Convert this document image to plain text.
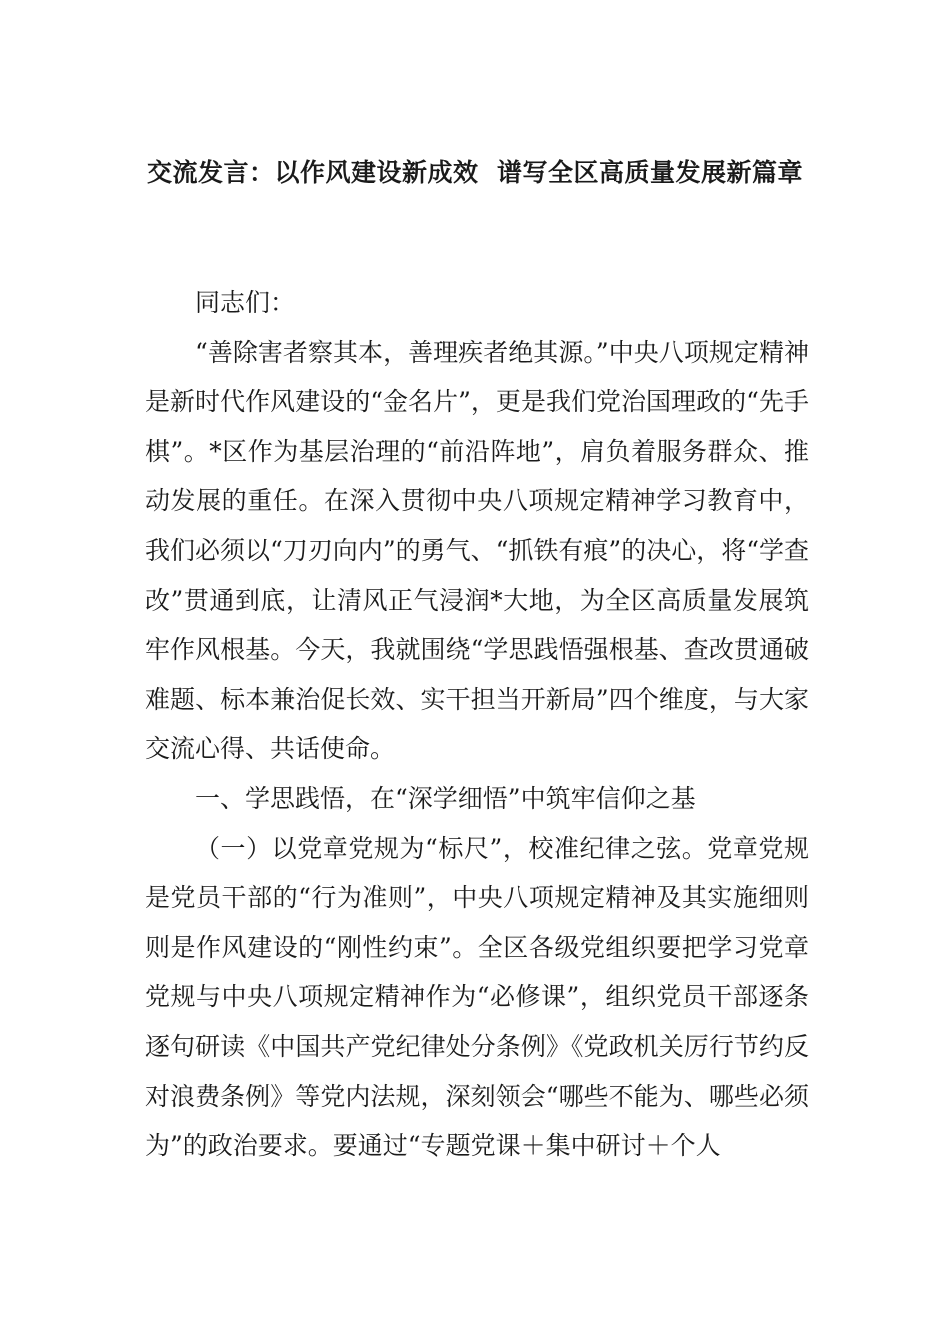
交流发言：以作风建设新成效  谱写全区高质量发展新篇章

同志们：

“善除害者察其本，善理疾者绝其源。”中央八项规定精神是新时代作风建设的“金名片”，更是我们党治国理政的“先手棋”。*区作为基层治理的“前沿阵地”，肩负着服务群众、推动发展的重任。在深入贯彻中央八项规定精神学习教育中，我们必须以“刀刃向内”的勇气、“抓铁有痕”的决心，将“学查改”贯通到底，让清风正气浸润*大地，为全区高质量发展筑牢作风根基。今天，我就围绕“学思践悟强根基、查改贯通破难题、标本兼治促长效、实干担当开新局”四个维度，与大家交流心得、共话使命。

一、学思践悟，在“深学细悟”中筑牢信仰之基

（一）以党章党规为“标尺”，校准纪律之弦。党章党规是党员干部的“行为准则”，中央八项规定精神及其实施细则则是作风建设的“刚性约束”。全区各级党组织要把学习党章党规与中央八项规定精神作为“必修课”，组织党员干部逐条逐句研读《中国共产党纪律处分条例》《党政机关厉行节约反对浪费条例》等党内法规，深刻领会“哪些不能为、哪些必须为”的政治要求。要通过“专题党课＋集中研讨＋个人
